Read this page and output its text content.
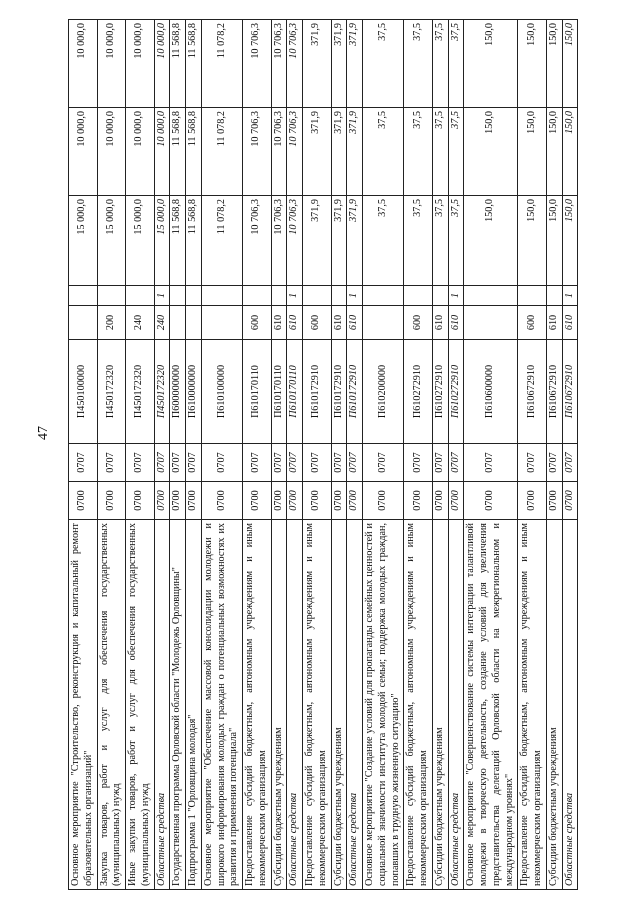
47
Основное мероприятие "Строительство, реконструкция и капитальный ремонт образовательных организаций"	0700	0707	П450100000			15 000,0	10 000,0	10 000,0
Закупка товаров, работ и услуг для обеспечения государственных (муниципальных) нужд	0700	0707	П450172320	200		15 000,0	10 000,0	10 000,0
Иные закупки товаров, работ и услуг для обеспечения государственных (муниципальных) нужд	0700	0707	П450172320	240		15 000,0	10 000,0	10 000,0
Областные средства	0700	0707	П450172320	240	1	15 000,0	10 000,0	10 000,0
Государственная программа Орловской области "Молодежь Орловщины"	0700	0707	П600000000			11 568,8	11 568,8	11 568,8
Подпрограмма 1 "Орловщина молодая"	0700	0707	П610000000			11 568,8	11 568,8	11 568,8
Основное мероприятие "Обеспечение массовой консолидации молодежи и широкого информирования молодых граждан о потенциальных возможностях их развития и применения потенциала"	0700	0707	П610100000			11 078,2	11 078,2	11 078,2
Предоставление субсидий бюджетным, автономным учреждениям и иным некоммерческим организациям	0700	0707	П610170110	600		10 706,3	10 706,3	10 706,3
Субсидии бюджетным учреждениям	0700	0707	П610170110	610		10 706,3	10 706,3	10 706,3
Областные средства	0700	0707	П610170110	610	1	10 706,3	10 706,3	10 706,3
Предоставление субсидий бюджетным, автономным учреждениям и иным некоммерческим организациям	0700	0707	П610172910	600		371,9	371,9	371,9
Субсидии бюджетным учреждениям	0700	0707	П610172910	610		371,9	371,9	371,9
Областные средства	0700	0707	П610172910	610	1	371,9	371,9	371,9
Основное мероприятие "Создание условий для пропаганды семейных ценностей и социальной значимости института молодой семьи; поддержка молодых граждан, попавших в трудную жизненную ситуацию"	0700	0707	П610200000			37,5	37,5	37,5
Предоставление субсидий бюджетным, автономным учреждениям и иным некоммерческим организациям	0700	0707	П610272910	600		37,5	37,5	37,5
Субсидии бюджетным учреждениям	0700	0707	П610272910	610		37,5	37,5	37,5
Областные средства	0700	0707	П610272910	610	1	37,5	37,5	37,5
Основное мероприятие "Совершенствование системы интеграции талантливой молодежи в творческую деятельность, создание условий для увеличения представительства делегаций Орловской области на межрегиональном и международном уровнях"	0700	0707	П610600000			150,0	150,0	150,0
Предоставление субсидий бюджетным, автономным учреждениям и иным некоммерческим организациям	0700	0707	П610672910	600		150,0	150,0	150,0
Субсидии бюджетным учреждениям	0700	0707	П610672910	610		150,0	150,0	150,0
Областные средства	0700	0707	П610672910	610	1	150,0	150,0	150,0
